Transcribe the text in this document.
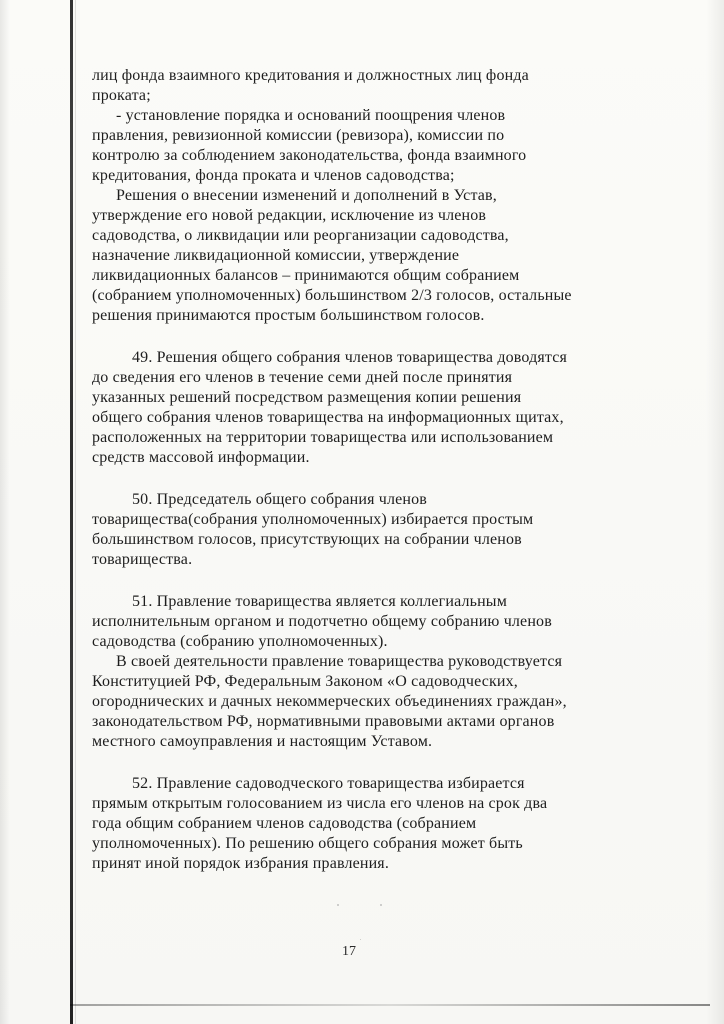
лиц фонда взаимного кредитования и должностных лиц фонда

проката;

- установление порядка и оснований поощрения членов

правления, ревизионной комиссии (ревизора), комиссии по

контролю за соблюдением законодательства, фонда взаимного

кредитования, фонда проката и членов садоводства;

Решения о внесении изменений и дополнений в Устав,

утверждение его новой редакции, исключение из членов

садоводства, о ликвидации или реорганизации садоводства,

назначение ликвидационной комиссии, утверждение

ликвидационных балансов – принимаются общим собранием

(собранием уполномоченных) большинством 2/3 голосов, остальные

решения принимаются простым большинством голосов.

49. Решения общего собрания членов товарищества доводятся

до сведения его членов в течение семи дней после принятия

указанных решений посредством размещения копии решения

общего собрания членов товарищества на информационных щитах,

расположенных на территории товарищества или использованием

средств массовой информации.

50. Председатель общего собрания членов

товарищества(собрания уполномоченных) избирается простым

большинством голосов, присутствующих на собрании членов

товарищества.

51. Правление товарищества является коллегиальным

исполнительным органом и подотчетно общему собранию членов

садоводства (собранию уполномоченных).

В своей деятельности правление товарищества руководствуется

Конституцией РФ, Федеральным Законом «О садоводческих,

огороднических и дачных некоммерческих объединениях граждан»,

законодательством РФ, нормативными правовыми актами органов

местного самоуправления и настоящим Уставом.

52. Правление садоводческого товарищества избирается

прямым открытым голосованием из числа его членов на срок два

года общим собранием членов садоводства (собранием

уполномоченных). По решению общего собрания может быть

принят иной порядок избрания правления.

17
